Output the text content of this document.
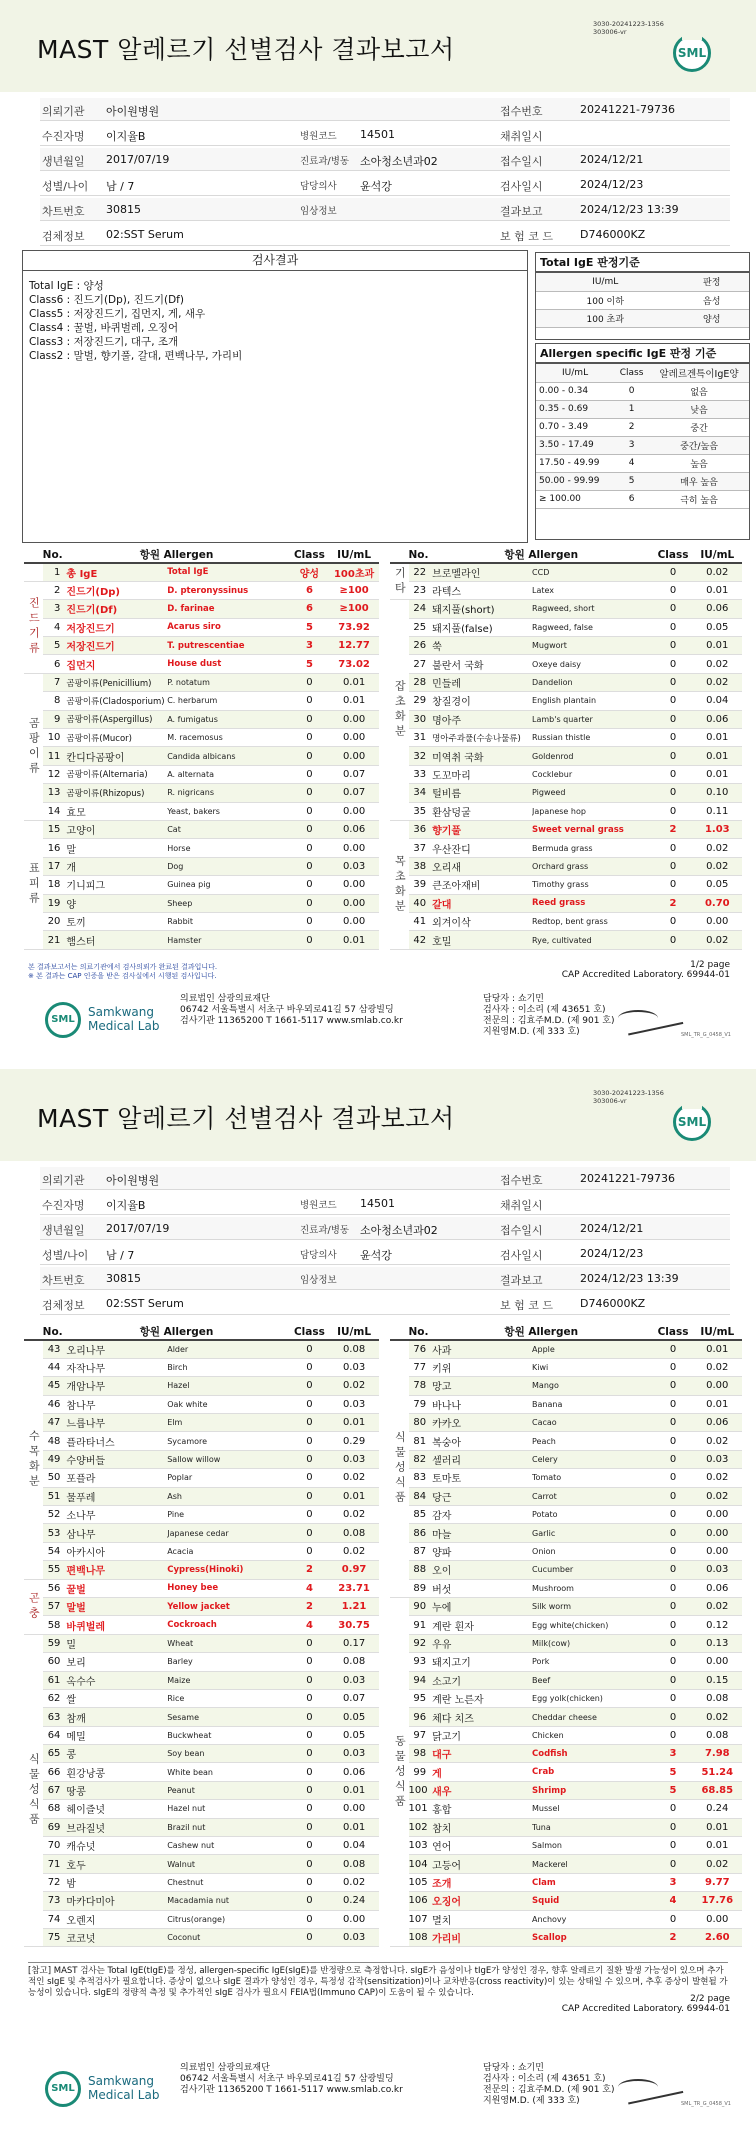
MAST 알레르기 선별검사 결과보고서
3030-20241223-1356
303006-vr
SML
의뢰기관 아이원병원	접수번호	20241221-79736
수진자명 이지율B	병원코드 14501	채취일시
생년월일 2017/07/19	진료과/병동 소아청소년과02	접수일시	2024/12/21
성별/나이 남 / 7	담당의사 윤석강	검사일시	2024/12/23
차트번호 30815	임상정보	결과보고	2024/12/23 13:39
검체정보 02:SST Serum	보 험 코 드 D746000KZ
검사결과
Total IgE : 양성
Class6 : 진드기(Dp), 진드기(Df)
Class5 : 저장진드기, 집먼지, 게, 새우
Class4 : 꿀벌, 바퀴벌레, 오징어
Class3 : 저장진드기, 대구, 조개
Class2 : 말벌, 향기풀, 갈대, 편백나무, 가리비
Total IgE 판정기준
IU/mL	판정
100 이하	음성
100 초과	양성
Allergen specific IgE 판정 기준
IU/mL	Class	알레르겐특이IgE양
0.00 - 0.34	0	없음
0.35 - 0.69	1	낮음
0.70 - 3.49	2	중간
3.50 - 17.49	3	중간/높음
17.50 - 49.99	4	높음
50.00 - 99.99	5	매우 높음
≥ 100.00	6	극히 높음
	No.	항원 Allergen		Class	IU/mL
	1	총 IgE	Total IgE	양성	100초과
진드기류	2	진드기(Dp)	D. pteronyssinus	6	≥100
	3	진드기(Df)	D. farinae	6	≥100
	4	저장진드기	Acarus siro	5	73.92
	5	저장진드기	T. putrescentiae	3	12.77
	6	집먼지	House dust	5	73.02
곰팡이류	7	곰팡이류(Penicillium)	P. notatum	0	0.01
	8	곰팡이류(Cladosporium)	C. herbarum	0	0.01
	9	곰팡이류(Aspergillus)	A. fumigatus	0	0.00
	10	곰팡이류(Mucor)	M. racemosus	0	0.00
	11	칸디다곰팡이	Candida albicans	0	0.00
	12	곰팡이류(Alternaria)	A. alternata	0	0.07
	13	곰팡이류(Rhizopus)	R. nigricans	0	0.07
	14	효모	Yeast, bakers	0	0.00
표피류	15	고양이	Cat	0	0.06
	16	말	Horse	0	0.00
	17	개	Dog	0	0.03
	18	기니피그	Guinea pig	0	0.00
	19	양	Sheep	0	0.00
	20	토끼	Rabbit	0	0.00
	21	햄스터	Hamster	0	0.01
	No.	항원 Allergen		Class	IU/mL
기타	22	브로멜라인	CCD	0	0.02
	23	라텍스	Latex	0	0.01
잡초화분	24	돼지풀(short)	Ragweed, short	0	0.06
	25	돼지풀(false)	Ragweed, false	0	0.05
	26	쑥	Mugwort	0	0.01
	27	불란서 국화	Oxeye daisy	0	0.02
	28	민들레	Dandelion	0	0.02
	29	창질경이	English plantain	0	0.04
	30	명아주	Lamb's quarter	0	0.06
	31	명아주과풀(수송나물류)	Russian thistle	0	0.01
	32	미역취 국화	Goldenrod	0	0.01
	33	도꼬마리	Cocklebur	0	0.01
	34	털비름	Pigweed	0	0.10
	35	환삼덩굴	Japanese hop	0	0.11
목초화분	36	향기풀	Sweet vernal grass	2	1.03
	37	우산잔디	Bermuda grass	0	0.02
	38	오리새	Orchard grass	0	0.02
	39	큰조아재비	Timothy grass	0	0.05
	40	갈대	Reed grass	2	0.70
	41	외겨이삭	Redtop, bent grass	0	0.00
	42	호밀	Rye, cultivated	0	0.02
본 결과보고서는 의료기관에서 검사의뢰가 완료된 결과입니다.
※ 본 결과는 CAP 인증을 받은 검사실에서 시행된 검사입니다.
1/2 page
CAP Accredited Laboratory. 69944-01
SML
Samkwang
Medical Lab
의료법인 삼광의료재단
06742 서울특별시 서초구 바우뫼로41길 57 삼광빌딩
검사기관 11365200 T 1661-5117 www.smlab.co.kr
담당자 : 쇼기민
검사자 : 이소리 (제 43651 호)
전문의 : 김효주M.D. (제 901 호)
지원영M.D. (제 333 호)	SML_TR_G_0458_V1
MAST 알레르기 선별검사 결과보고서
3030-20241223-1356
303006-vr
SML
의뢰기관 아이원병원	접수번호	20241221-79736
수진자명 이지율B	병원코드 14501	채취일시
생년월일 2017/07/19	진료과/병동 소아청소년과02	접수일시	2024/12/21
성별/나이 남 / 7	담당의사 윤석강	검사일시	2024/12/23
차트번호 30815	임상정보	결과보고	2024/12/23 13:39
검체정보 02:SST Serum	보 험 코 드 D746000KZ
	No.	항원 Allergen		Class	IU/mL
수목화분	43	오리나무	Alder	0	0.08
	44	자작나무	Birch	0	0.03
	45	개암나무	Hazel	0	0.02
	46	참나무	Oak white	0	0.03
	47	느릅나무	Elm	0	0.01
	48	플라타너스	Sycamore	0	0.29
	49	수양버들	Sallow willow	0	0.03
	50	포플라	Poplar	0	0.02
	51	물푸레	Ash	0	0.01
	52	소나무	Pine	0	0.02
	53	삼나무	Japanese cedar	0	0.08
	54	아카시아	Acacia	0	0.02
	55	편백나무	Cypress(Hinoki)	2	0.97
곤충	56	꿀벌	Honey bee	4	23.71
	57	말벌	Yellow jacket	2	1.21
	58	바퀴벌레	Cockroach	4	30.75
식물성식품	59	밀	Wheat	0	0.17
	60	보리	Barley	0	0.08
	61	옥수수	Maize	0	0.03
	62	쌀	Rice	0	0.07
	63	참깨	Sesame	0	0.05
	64	메밀	Buckwheat	0	0.05
	65	콩	Soy bean	0	0.03
	66	흰강낭콩	White bean	0	0.06
	67	땅콩	Peanut	0	0.01
	68	헤이즐넛	Hazel nut	0	0.00
	69	브라질넛	Brazil nut	0	0.01
	70	캐슈넛	Cashew nut	0	0.04
	71	호두	Walnut	0	0.08
	72	밤	Chestnut	0	0.02
	73	마카다미아	Macadamia nut	0	0.24
	74	오렌지	Citrus(orange)	0	0.00
	75	코코넛	Coconut	0	0.03
	No.	항원 Allergen		Class	IU/mL
식물성식품	76	사과	Apple	0	0.01
	77	키위	Kiwi	0	0.02
	78	망고	Mango	0	0.00
	79	바나나	Banana	0	0.01
	80	카카오	Cacao	0	0.06
	81	복숭아	Peach	0	0.02
	82	셀러리	Celery	0	0.03
	83	토마토	Tomato	0	0.02
	84	당근	Carrot	0	0.02
	85	감자	Potato	0	0.00
	86	마늘	Garlic	0	0.00
	87	양파	Onion	0	0.00
	88	오이	Cucumber	0	0.03
	89	버섯	Mushroom	0	0.06
동물성식품	90	누에	Silk worm	0	0.02
	91	계란 흰자	Egg white(chicken)	0	0.12
	92	우유	Milk(cow)	0	0.13
	93	돼지고기	Pork	0	0.00
	94	소고기	Beef	0	0.15
	95	계란 노른자	Egg yolk(chicken)	0	0.08
	96	체다 치즈	Cheddar cheese	0	0.02
	97	닭고기	Chicken	0	0.08
	98	대구	Codfish	3	7.98
	99	게	Crab	5	51.24
	100	새우	Shrimp	5	68.85
	101	홍합	Mussel	0	0.24
	102	참치	Tuna	0	0.01
	103	연어	Salmon	0	0.01
	104	고등어	Mackerel	0	0.02
	105	조개	Clam	3	9.77
	106	오징어	Squid	4	17.76
	107	멸치	Anchovy	0	0.00
	108	가리비	Scallop	2	2.60
[참고] MAST 검사는 Total IgE(tIgE)를 정성, allergen-specific IgE(sIgE)를 반정량으로 측정합니다. sIgE가 음성이나 tIgE가 양성인 경우, 향후 알레르기 질환 발생 가능성이 있으며 추가적인 sIgE 및 추적검사가 필요합니다. 증상이 없으나 sIgE 결과가 양성인 경우, 특정성 감작(sensitization)이나 교차반응(cross reactivity)이 있는 상태일 수 있으며, 추후 증상이 발현될 가능성이 있습니다. sIgE의 정량적 측정 및 추가적인 sIgE 검사가 필요시 FEIA법(Immuno CAP)이 도움이 될 수 있습니다.
2/2 page
CAP Accredited Laboratory. 69944-01
SML
Samkwang
Medical Lab
의료법인 삼광의료재단
06742 서울특별시 서초구 바우뫼로41길 57 삼광빌딩
검사기관 11365200 T 1661-5117 www.smlab.co.kr
담당자 : 쇼기민
검사자 : 이소리 (제 43651 호)
전문의 : 김효주M.D. (제 901 호)
지원영M.D. (제 333 호)	SML_TR_G_0458_V1
